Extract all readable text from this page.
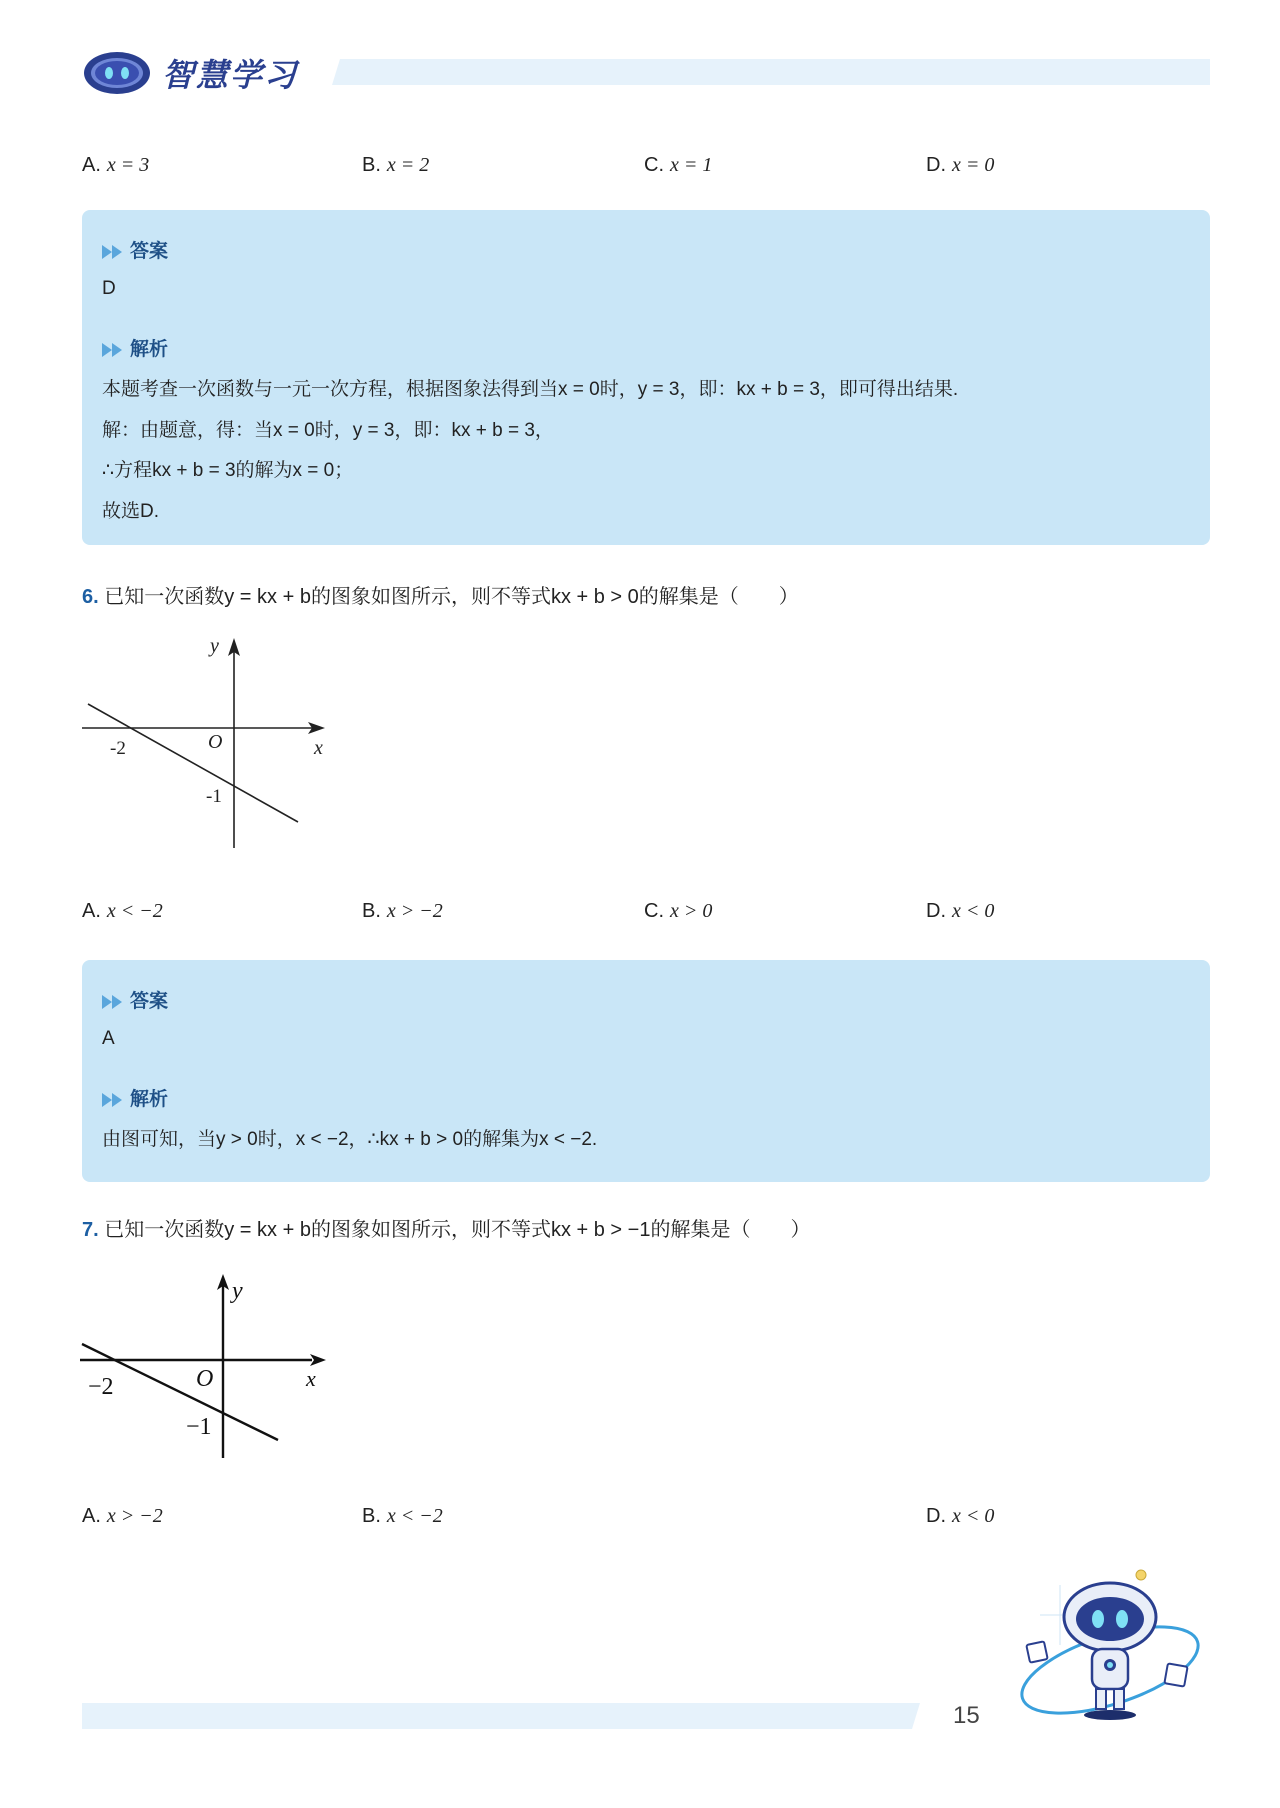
智慧学习
A. x = 3	B. x = 2	C. x = 1	D. x = 0
答案
D
解析
本题考查一次函数与一元一次方程，根据图象法得到当x = 0时，y = 3，即：kx + b = 3，即可得出结果.
解：由题意，得：当x = 0时，y = 3，即：kx + b = 3，
∴方程kx + b = 3的解为x = 0；
故选D.
6. 已知一次函数y = kx + b的图象如图所示，则不等式kx + b > 0的解集是（　　）
y
x
O
-2
-1
A. x < −2	B. x > −2	C. x > 0	D. x < 0
答案
A
解析
由图可知，当y > 0时，x < −2，∴kx + b > 0的解集为x < −2.
7. 已知一次函数y = kx + b的图象如图所示，则不等式kx + b > −1的解集是（　　）
y
x
O
−2
−1
A. x > −2	B. x < −2	D. x < 0
15
